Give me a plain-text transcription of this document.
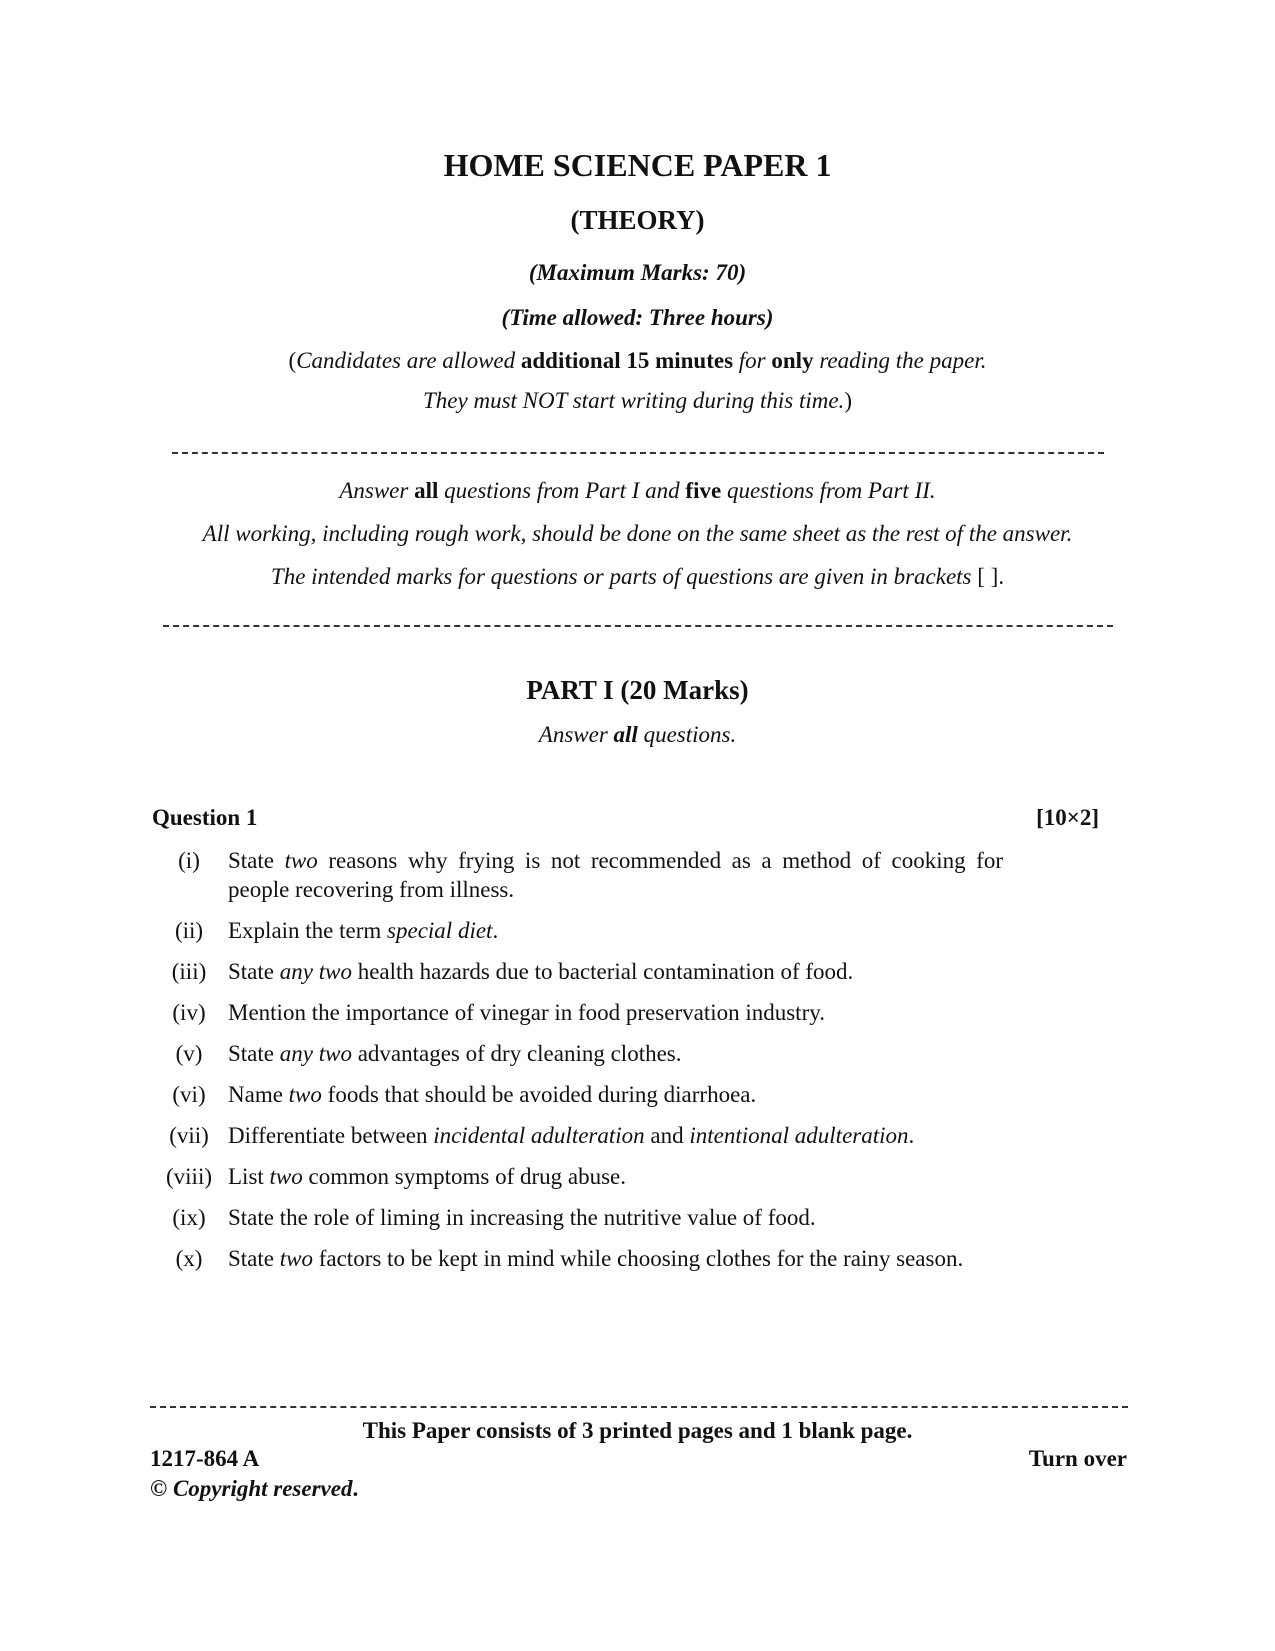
HOME SCIENCE PAPER 1
(THEORY)
(Maximum Marks: 70)
(Time allowed: Three hours)
(Candidates are allowed additional 15 minutes for only reading the paper.
They must NOT start writing during this time.)
Answer all questions from Part I and five questions from Part II.
All working, including rough work, should be done on the same sheet as the rest of the answer.
The intended marks for questions or parts of questions are given in brackets [ ].
PART I (20 Marks)
Answer all questions.
Question 1	[10×2]
(i)	State two reasons why frying is not recommended as a method of cooking for people recovering from illness.
(ii)	Explain the term special diet.
(iii) State any two health hazards due to bacterial contamination of food.
(iv) Mention the importance of vinegar in food preservation industry.
(v)	State any two advantages of dry cleaning clothes.
(vi) Name two foods that should be avoided during diarrhoea.
(vii) Differentiate between incidental adulteration and intentional adulteration.
(viii) List two common symptoms of drug abuse.
(ix) State the role of liming in increasing the nutritive value of food.
(x)	State two factors to be kept in mind while choosing clothes for the rainy season.
This Paper consists of 3 printed pages and 1 blank page.
1217-864 A	Turn over
© Copyright reserved.
